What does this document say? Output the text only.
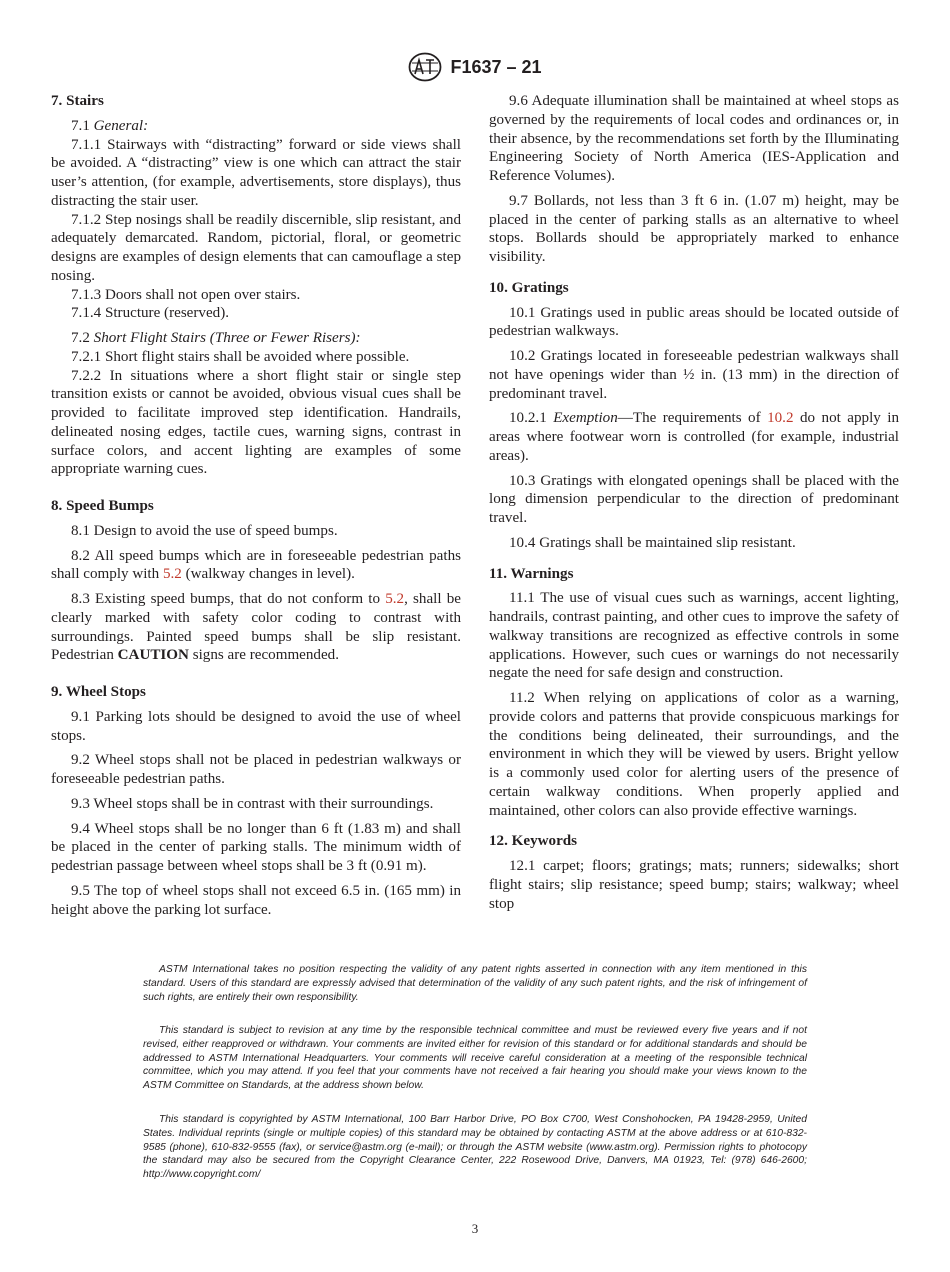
F1637 – 21

7. Stairs

7.1 General:

7.1.1 Stairways with “distracting” forward or side views shall be avoided. A “distracting” view is one which can attract the stair user’s attention, (for example, advertisements, store displays), thus distracting the stair user.

7.1.2 Step nosings shall be readily discernible, slip resistant, and adequately demarcated. Random, pictorial, floral, or geometric designs are examples of design elements that can camouflage a step nosing.

7.1.3 Doors shall not open over stairs.

7.1.4 Structure (reserved).

7.2 Short Flight Stairs (Three or Fewer Risers):

7.2.1 Short flight stairs shall be avoided where possible.

7.2.2 In situations where a short flight stair or single step transition exists or cannot be avoided, obvious visual cues shall be provided to facilitate improved step identification. Handrails, delineated nosing edges, tactile cues, warning signs, contrast in surface colors, and accent lighting are examples of some appropriate warning cues.

8. Speed Bumps

8.1 Design to avoid the use of speed bumps.

8.2 All speed bumps which are in foreseeable pedestrian paths shall comply with 5.2 (walkway changes in level).

8.3 Existing speed bumps, that do not conform to 5.2, shall be clearly marked with safety color coding to contrast with surroundings. Painted speed bumps shall be slip resistant. Pedestrian CAUTION signs are recommended.

9. Wheel Stops

9.1 Parking lots should be designed to avoid the use of wheel stops.

9.2 Wheel stops shall not be placed in pedestrian walkways or foreseeable pedestrian paths.

9.3 Wheel stops shall be in contrast with their surroundings.

9.4 Wheel stops shall be no longer than 6 ft (1.83 m) and shall be placed in the center of parking stalls. The minimum width of pedestrian passage between wheel stops shall be 3 ft (0.91 m).

9.5 The top of wheel stops shall not exceed 6.5 in. (165 mm) in height above the parking lot surface.

9.6 Adequate illumination shall be maintained at wheel stops as governed by the requirements of local codes and ordinances or, in their absence, by the recommendations set forth by the Illuminating Engineering Society of North America (IES-Application and Reference Volumes).

9.7 Bollards, not less than 3 ft 6 in. (1.07 m) height, may be placed in the center of parking stalls as an alternative to wheel stops. Bollards should be appropriately marked to enhance visibility.

10. Gratings

10.1 Gratings used in public areas should be located outside of pedestrian walkways.

10.2 Gratings located in foreseeable pedestrian walkways shall not have openings wider than ½ in. (13 mm) in the direction of predominant travel.

10.2.1 Exemption—The requirements of 10.2 do not apply in areas where footwear worn is controlled (for example, industrial areas).

10.3 Gratings with elongated openings shall be placed with the long dimension perpendicular to the direction of predominant travel.

10.4 Gratings shall be maintained slip resistant.

11. Warnings

11.1 The use of visual cues such as warnings, accent lighting, handrails, contrast painting, and other cues to improve the safety of walkway transitions are recognized as effective controls in some applications. However, such cues or warnings do not necessarily negate the need for safe design and construction.

11.2 When relying on applications of color as a warning, provide colors and patterns that provide conspicuous markings for the conditions being delineated, their surroundings, and the environment in which they will be viewed by users. Bright yellow is a commonly used color for alerting users of the presence of certain walkway conditions. When properly applied and maintained, other colors can also provide effective warnings.

12. Keywords

12.1 carpet; floors; gratings; mats; runners; sidewalks; short flight stairs; slip resistance; speed bump; stairs; walkway; wheel stop

ASTM International takes no position respecting the validity of any patent rights asserted in connection with any item mentioned in this standard. Users of this standard are expressly advised that determination of the validity of any such patent rights, and the risk of infringement of such rights, are entirely their own responsibility.

This standard is subject to revision at any time by the responsible technical committee and must be reviewed every five years and if not revised, either reapproved or withdrawn. Your comments are invited either for revision of this standard or for additional standards and should be addressed to ASTM International Headquarters. Your comments will receive careful consideration at a meeting of the responsible technical committee, which you may attend. If you feel that your comments have not received a fair hearing you should make your views known to the ASTM Committee on Standards, at the address shown below.

This standard is copyrighted by ASTM International, 100 Barr Harbor Drive, PO Box C700, West Conshohocken, PA 19428-2959, United States. Individual reprints (single or multiple copies) of this standard may be obtained by contacting ASTM at the above address or at 610-832-9585 (phone), 610-832-9555 (fax), or service@astm.org (e-mail); or through the ASTM website (www.astm.org). Permission rights to photocopy the standard may also be secured from the Copyright Clearance Center, 222 Rosewood Drive, Danvers, MA 01923, Tel: (978) 646-2600; http://www.copyright.com/

3
